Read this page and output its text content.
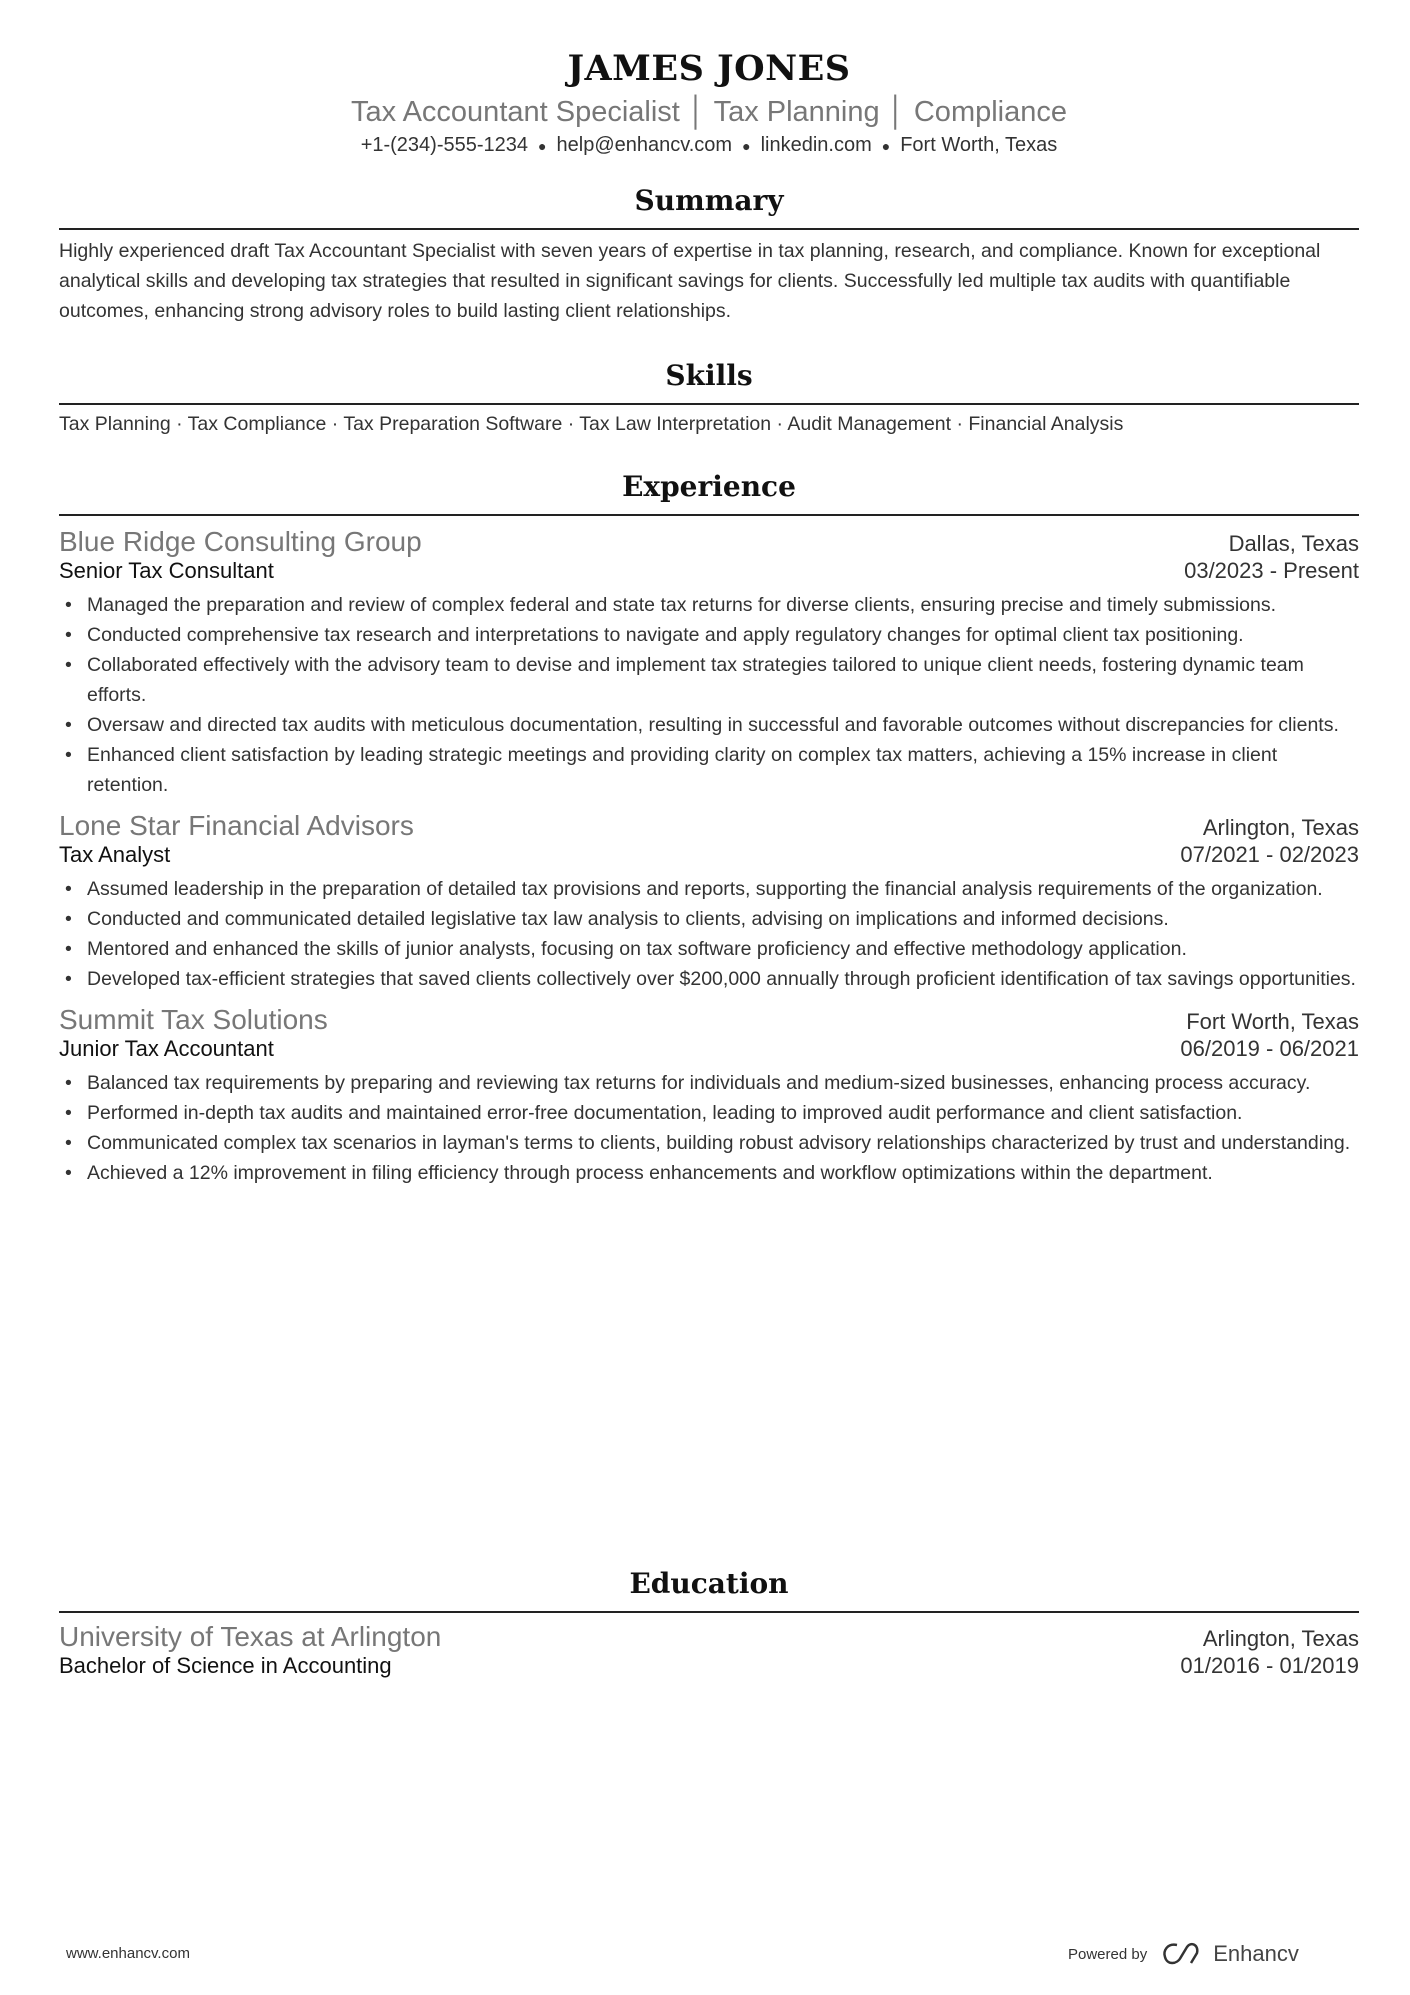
JAMES JONES
Tax Accountant Specialist │ Tax Planning │ Compliance
+1-(234)-555-1234 ● help@enhancv.com ● linkedin.com ● Fort Worth, Texas
Summary

Highly experienced draft Tax Accountant Specialist with seven years of expertise in tax planning, research, and compliance. Known for exceptional analytical skills and developing tax strategies that resulted in significant savings for clients. Successfully led multiple tax audits with quantifiable outcomes, enhancing strong advisory roles to build lasting client relationships.

Skills

Tax Planning · Tax Compliance · Tax Preparation Software · Tax Law Interpretation · Audit Management · Financial Analysis

Experience
Blue Ridge Consulting Group	Dallas, Texas
Senior Tax Consultant	03/2023 - Present
• Managed the preparation and review of complex federal and state tax returns for diverse clients, ensuring precise and timely submissions.
• Conducted comprehensive tax research and interpretations to navigate and apply regulatory changes for optimal client tax positioning.
• Collaborated effectively with the advisory team to devise and implement tax strategies tailored to unique client needs, fostering dynamic team efforts.
• Oversaw and directed tax audits with meticulous documentation, resulting in successful and favorable outcomes without discrepancies for clients.
• Enhanced client satisfaction by leading strategic meetings and providing clarity on complex tax matters, achieving a 15% increase in client retention.
Lone Star Financial Advisors	Arlington, Texas
Tax Analyst	07/2021 - 02/2023
• Assumed leadership in the preparation of detailed tax provisions and reports, supporting the financial analysis requirements of the organization.
• Conducted and communicated detailed legislative tax law analysis to clients, advising on implications and informed decisions.
• Mentored and enhanced the skills of junior analysts, focusing on tax software proficiency and effective methodology application.
• Developed tax-efficient strategies that saved clients collectively over $200,000 annually through proficient identification of tax savings opportunities.
Summit Tax Solutions	Fort Worth, Texas
Junior Tax Accountant	06/2019 - 06/2021
• Balanced tax requirements by preparing and reviewing tax returns for individuals and medium-sized businesses, enhancing process accuracy.
• Performed in-depth tax audits and maintained error-free documentation, leading to improved audit performance and client satisfaction.
• Communicated complex tax scenarios in layman's terms to clients, building robust advisory relationships characterized by trust and understanding.
• Achieved a 12% improvement in filing efficiency through process enhancements and workflow optimizations within the department.
Education
University of Texas at Arlington	Arlington, Texas
Bachelor of Science in Accounting	01/2016 - 01/2019
www.enhancv.com	Powered by	Enhancv
